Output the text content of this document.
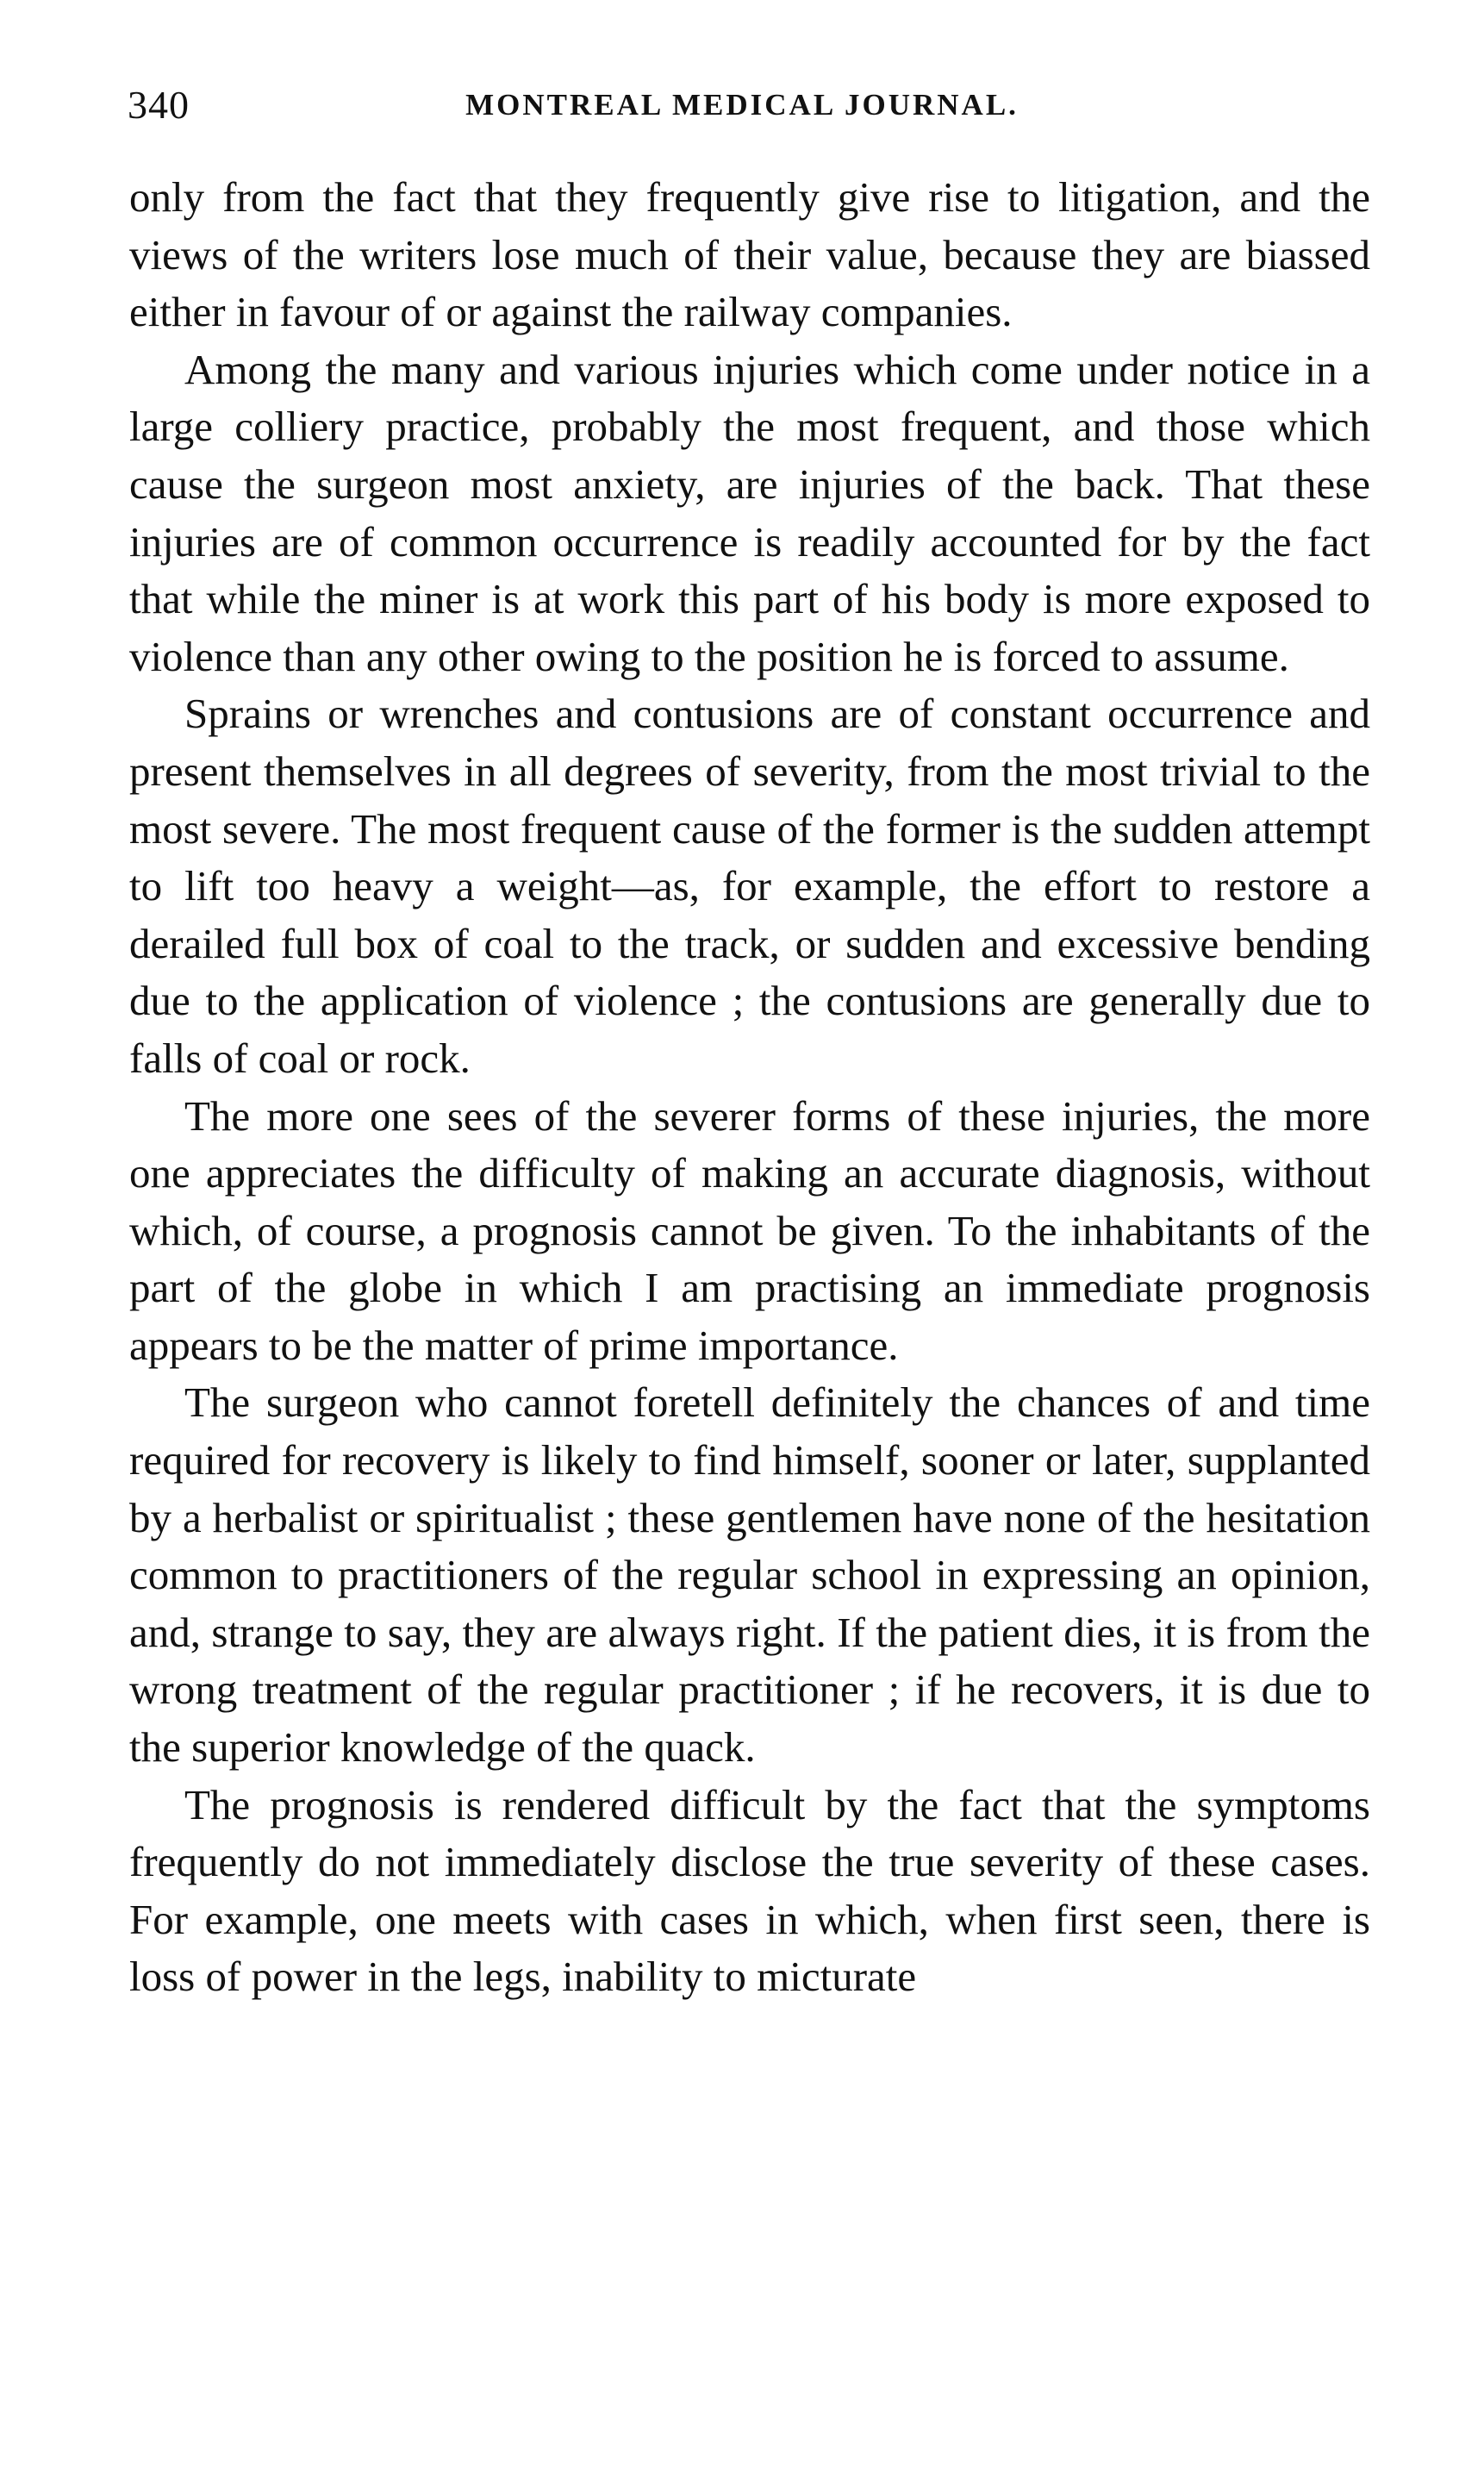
340	MONTREAL MEDICAL JOURNAL.

only from the fact that they frequently give rise to litigation, and the views of the writers lose much of their value, because they are biassed either in favour of or against the railway companies.

Among the many and various injuries which come under notice in a large colliery practice, probably the most frequent, and those which cause the surgeon most anxiety, are injuries of the back. That these injuries are of common occurrence is readily accounted for by the fact that while the miner is at work this part of his body is more exposed to violence than any other owing to the position he is forced to assume.

Sprains or wrenches and contusions are of constant occurrence and present themselves in all degrees of severity, from the most trivial to the most severe. The most frequent cause of the former is the sudden attempt to lift too heavy a weight—as, for example, the effort to restore a derailed full box of coal to the track, or sudden and excessive bending due to the application of violence ; the contusions are generally due to falls of coal or rock.

The more one sees of the severer forms of these injuries, the more one appreciates the difficulty of making an accurate diagnosis, without which, of course, a prognosis cannot be given. To the inhabitants of the part of the globe in which I am practising an immediate prognosis appears to be the matter of prime importance.

The surgeon who cannot foretell definitely the chances of and time required for recovery is likely to find himself, sooner or later, supplanted by a herbalist or spiritualist ; these gentlemen have none of the hesitation common to practitioners of the regular school in expressing an opinion, and, strange to say, they are always right. If the patient dies, it is from the wrong treatment of the regular practitioner ; if he recovers, it is due to the superior knowledge of the quack.

The prognosis is rendered difficult by the fact that the symptoms frequently do not immediately disclose the true severity of these cases. For example, one meets with cases in which, when first seen, there is loss of power in the legs, inability to micturate
